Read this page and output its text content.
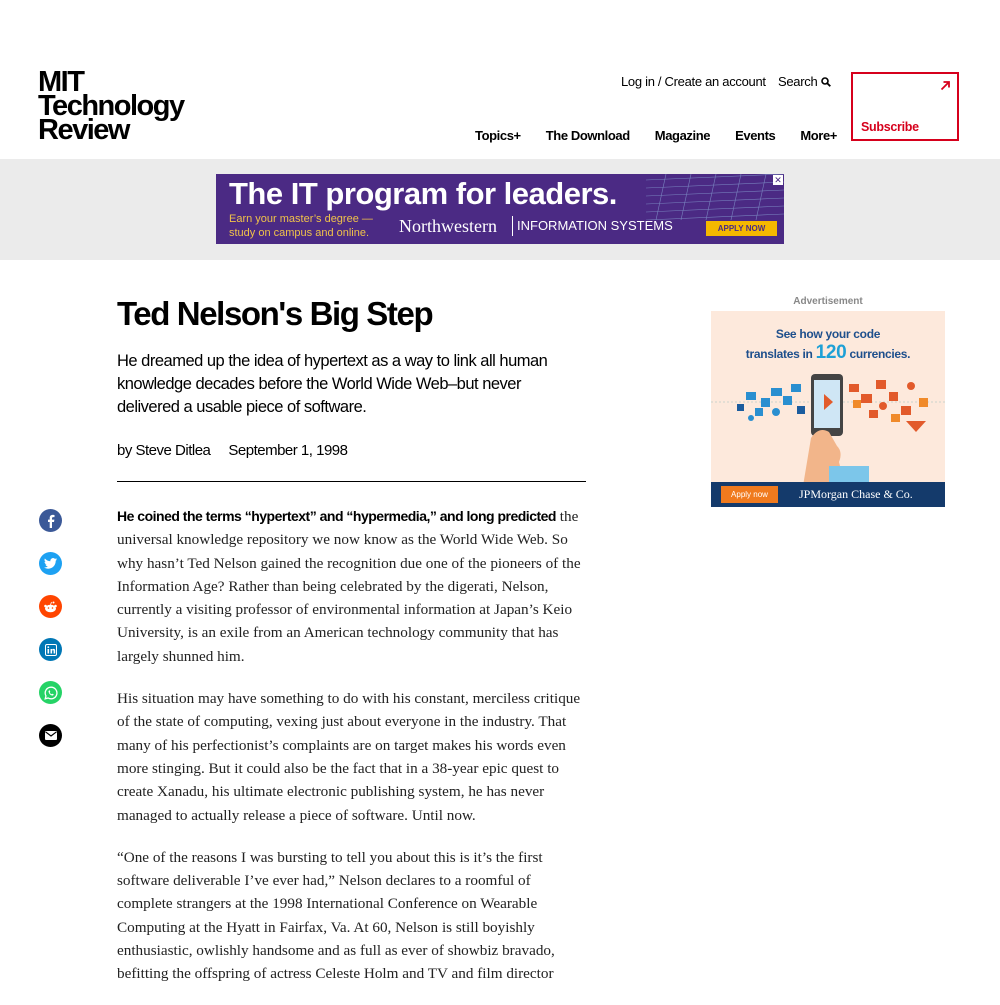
MIT
Technology
Review
Log in / Create an account Search
Subscribe
Topics+ The Download Magazine Events More+
The IT program for leaders.
Earn your master’s degree —
study on campus and online. Northwestern	INFORMATION SYSTEMS	APPLY NOW
✕
Ted Nelson's Big Step
He dreamed up the idea of hypertext as a way to link all human knowledge decades before the World Wide Web–but never delivered a usable piece of software.
by Steve Ditlea September 1, 1998

He coined the terms “hypertext” and “hypermedia,” and long predicted the universal knowledge repository we now know as the World Wide Web. So why hasn’t Ted Nelson gained the recognition due one of the pioneers of the Information Age? Rather than being celebrated by the digerati, Nelson, currently a visiting professor of environmental information at Japan’s Keio University, is an exile from an American technology community that has largely shunned him.

His situation may have something to do with his constant, merciless critique of the state of computing, vexing just about everyone in the industry. That many of his perfectionist’s complaints are on target makes his words even more stinging. But it could also be the fact that in a 38-year epic quest to create Xanadu, his ultimate electronic publishing system, he has never managed to actually release a piece of software. Until now.

“One of the reasons I was bursting to tell you about this is it’s the first software deliverable I’ve ever had,” Nelson declares to a roomful of complete strangers at the 1998 International Conference on Wearable Computing at the Hyatt in Fairfax, Va. At 60, Nelson is still boyishly enthusiastic, owlishly handsome and as full as ever of showbiz bravado, befitting the offspring of actress Celeste Holm and TV and film director

Advertisement
See how your code
translates in 120 currencies.
Apply now	JPMorgan Chase & Co.
